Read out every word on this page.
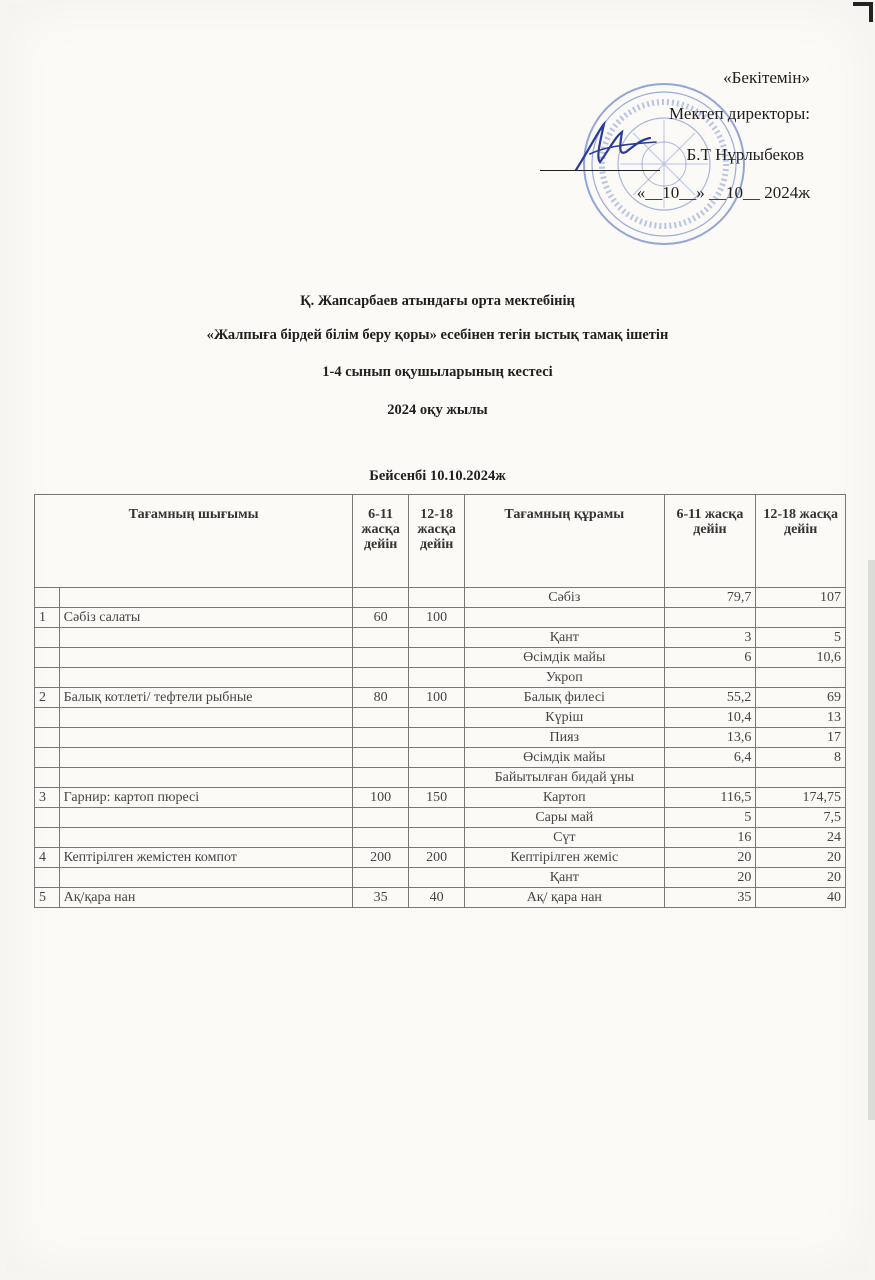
«Бекітемін»
Мектеп директоры:
Б.Т Нұрлыбеков
«__10__» __10__ 2024ж
Қ. Жапсарбаев атындағы орта мектебінің
«Жалпыға бірдей білім беру қоры» есебінен тегін ыстық тамақ ішетін
1-4 сынып оқушыларының кестесі
2024 оқу жылы
Бейсенбі 10.10.2024ж
Тағамның шығымы		6-11 жасқа дейін	12-18 жасқа дейін	Тағамның құрамы	6-11 жасқа дейін	12-18 жасқа дейін
				Сәбіз	79,7	107
1	Сәбіз салаты	60	100			
				Қант	3	5
				Өсімдік майы	6	10,6
				Укроп		
2	Балық котлеті/ тефтели рыбные	80	100	Балық филесі	55,2	69
				Күріш	10,4	13
				Пияз	13,6	17
				Өсімдік майы	6,4	8
				Байытылған бидай ұны		
3	Гарнир: картоп пюресі	100	150	Картоп	116,5	174,75
				Сары май	5	7,5
				Сүт	16	24
4	Кептірілген жемістен компот	200	200	Кептірілген жеміс	20	20
				Қант	20	20
5	Ақ/қара нан	35	40	Ақ/ қара нан	35	40
